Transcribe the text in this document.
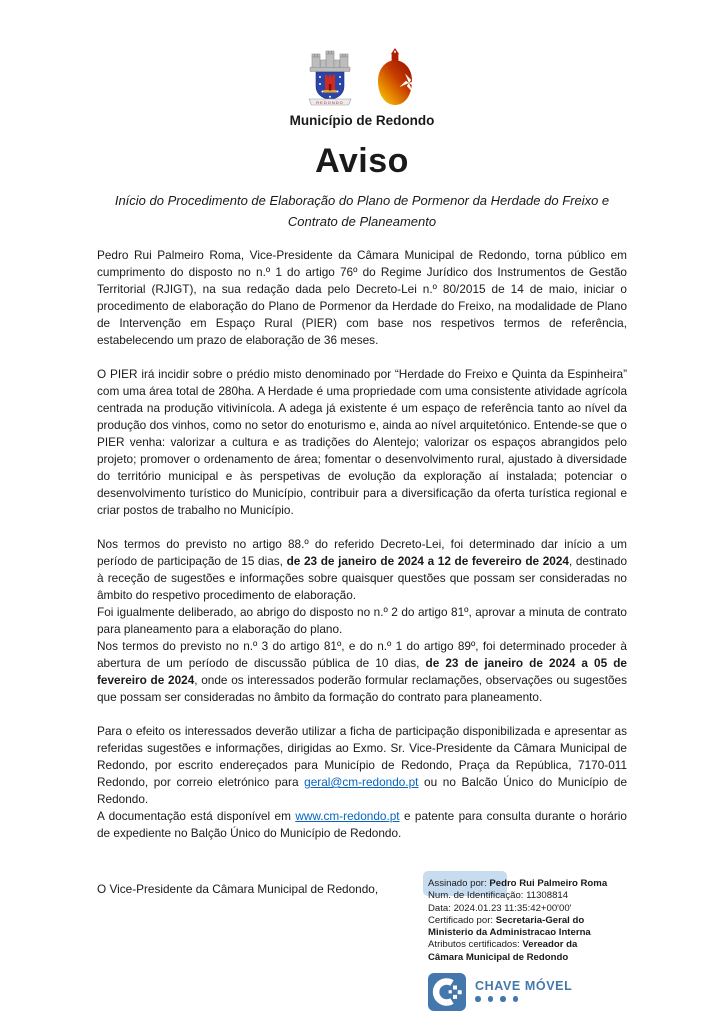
REDONDO
Município de Redondo
Aviso
Início do Procedimento de Elaboração do Plano de Pormenor da Herdade do Freixo e Contrato de Planeamento

Pedro Rui Palmeiro Roma, Vice-Presidente da Câmara Municipal de Redondo, torna público em cumprimento do disposto no n.º 1 do artigo 76º do Regime Jurídico dos Instrumentos de Gestão Territorial (RJIGT), na sua redação dada pelo Decreto-Lei n.º 80/2015 de 14 de maio, iniciar o procedimento de elaboração do Plano de Pormenor da Herdade do Freixo, na modalidade de Plano de Intervenção em Espaço Rural (PIER) com base nos respetivos termos de referência, estabelecendo um prazo de elaboração de 36 meses.

O PIER irá incidir sobre o prédio misto denominado por “Herdade do Freixo e Quinta da Espinheira” com uma área total de 280ha. A Herdade é uma propriedade com uma consistente atividade agrícola centrada na produção vitivinícola. A adega já existente é um espaço de referência tanto ao nível da produção dos vinhos, como no setor do enoturismo e, ainda ao nível arquitetónico. Entende-se que o PIER venha: valorizar a cultura e as tradições do Alentejo; valorizar os espaços abrangidos pelo projeto; promover o ordenamento de área; fomentar o desenvolvimento rural, ajustado à diversidade do território municipal e às perspetivas de evolução da exploração aí instalada; potenciar o desenvolvimento turístico do Município, contribuir para a diversificação da oferta turística regional e criar postos de trabalho no Município.

Nos termos do previsto no artigo 88.º do referido Decreto-Lei, foi determinado dar início a um período de participação de 15 dias, de 23 de janeiro de 2024 a 12 de fevereiro de 2024, destinado à receção de sugestões e informações sobre quaisquer questões que possam ser consideradas no âmbito do respetivo procedimento de elaboração.

Foi igualmente deliberado, ao abrigo do disposto no n.º 2 do artigo 81º, aprovar a minuta de contrato para planeamento para a elaboração do plano.

Nos termos do previsto no n.º 3 do artigo 81º, e do n.º 1 do artigo 89º, foi determinado proceder à abertura de um período de discussão pública de 10 dias, de 23 de janeiro de 2024 a 05 de fevereiro de 2024, onde os interessados poderão formular reclamações, observações ou sugestões que possam ser consideradas no âmbito da formação do contrato para planeamento.

Para o efeito os interessados deverão utilizar a ficha de participação disponibilizada e apresentar as referidas sugestões e informações, dirigidas ao Exmo. Sr. Vice-Presidente da Câmara Municipal de Redondo, por escrito endereçados para Município de Redondo, Praça da República, 7170-011 Redondo, por correio eletrónico para geral@cm-redondo.pt ou no Balcão Único do Município de Redondo.

A documentação está disponível em www.cm-redondo.pt e patente para consulta durante o horário de expediente no Balção Único do Município de Redondo.

O Vice-Presidente da Câmara Municipal de Redondo,	Assinado por: Pedro Rui Palmeiro Roma
Num. de Identificação: 11308814
Data: 2024.01.23 11:35:42+00'00'
Certificado por: Secretaria-Geral do
Ministerio da Administracao Interna
Atributos certificados: Vereador da
Câmara Municipal de Redondo
CHAVE MÓVEL
